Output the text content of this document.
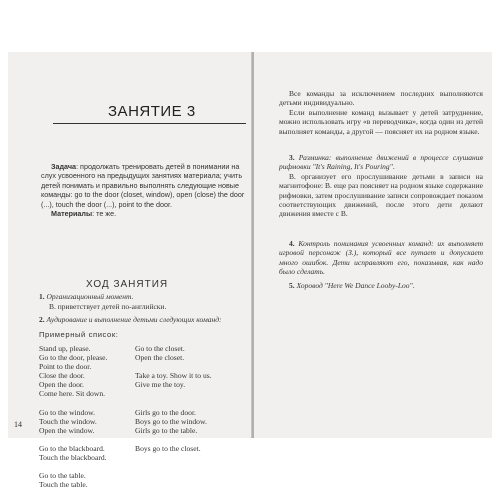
ЗАНЯТИЕ 3

Задача: продолжать тренировать детей в понимании на слух усвоенного на предыдущих занятиях материала; учить детей понимать и правильно выполнять следующие новые команды: go to the door (closet, window), open (close) the door (...), touch the door (...), point to the door.

Материалы: те же.

ХОД ЗАНЯТИЯ
1. Организационный момент.
В. приветствует детей по-английски.
2. Аудирование и выполнение детьми следующих команд:
Примерный список:
Stand up, please.
Go to the door, please.
Point to the door.
Close the door.
Open the door.
Come here. Sit down.

Go to the window.
Touch the window.
Open the window.

Go to the blackboard.
Touch the blackboard.

Go to the table.
Touch the table.
Go to the closet.
Open the closet.

Take a toy. Show it to us.
Give me the toy.

Girls go to the door.
Boys go to the window.
Girls go to the table.

Boys go to the closet.
14

Все команды за исключением последних выполняются детьми индивидуально.

Если выполнение команд вызывает у детей затруднение, можно использовать игру «в переводчика», когда один из детей выполняет команды, а другой — поясняет их на родном языке.

3. Разминка: выполнение движений в процессе слушания рифмовки "It's Raining, It's Pouring".

В. организует его прослушивание детьми в записи на магнитофоне: В. еще раз поясняет на родном языке содержание рифмовки, затем прослушивание записи сопровождает показом соответствующих движений, после этого дети делают движения вместе с В.

4. Контроль понимания усвоенных команд: их выполняет игровой персонаж (З.), который все путает и допускает много ошибок. Дети исправляют его, показывая, как надо было сделать.

5. Хоровод "Here We Dance Looby-Loo".
